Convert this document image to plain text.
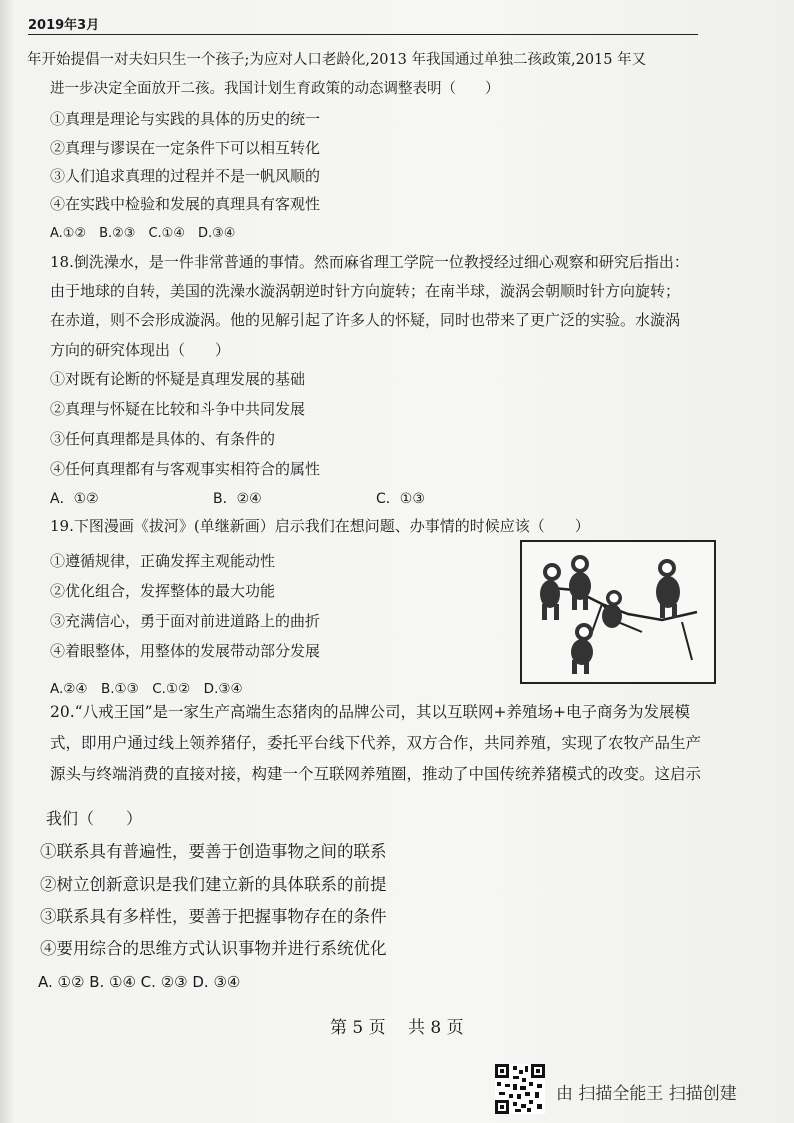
2019年3月
年开始提倡一对夫妇只生一个孩子;为应对人口老龄化,2013 年我国通过单独二孩政策,2015 年又
进一步决定全面放开二孩。我国计划生育政策的动态调整表明（　　）
①真理是理论与实践的具体的历史的统一
②真理与谬误在一定条件下可以相互转化
③人们追求真理的过程并不是一帆风顺的
④在实践中检验和发展的真理具有客观性
A.①②　B.②③　C.①④　D.③④
18.倒洗澡水，是一件非常普通的事情。然而麻省理工学院一位教授经过细心观察和研究后指出：
由于地球的自转，美国的洗澡水漩涡朝逆时针方向旋转；在南半球，漩涡会朝顺时针方向旋转；
在赤道，则不会形成漩涡。他的见解引起了许多人的怀疑，同时也带来了更广泛的实验。水漩涡
方向的研究体现出（　　）
①对既有论断的怀疑是真理发展的基础
②真理与怀疑在比较和斗争中共同发展
③任何真理都是具体的、有条件的
④任何真理都有与客观事实相符合的属性
A．①②	B．②④	C．①③
19.下图漫画《拔河》(单继新画）启示我们在想问题、办事情的时候应该（　　）
①遵循规律，正确发挥主观能动性
②优化组合，发挥整体的最大功能
③充满信心，勇于面对前进道路上的曲折
④着眼整体，用整体的发展带动部分发展
A.②④　B.①③　C.①②　D.③④
20.“八戒王国”是一家生产高端生态猪肉的品牌公司，其以互联网+养殖场+电子商务为发展模
式，即用户通过线上领养猪仔，委托平台线下代养，双方合作，共同养殖，实现了农牧产品生产
源头与终端消费的直接对接，构建一个互联网养殖圈，推动了中国传统养猪模式的改变。这启示
我们（　　）
①联系具有普遍性，要善于创造事物之间的联系
②树立创新意识是我们建立新的具体联系的前提
③联系具有多样性，要善于把握事物存在的条件
④要用综合的思维方式认识事物并进行系统优化
A. ①② B. ①④ C. ②③ D. ③④
第 5 页　 共 8 页
由 扫描全能王 扫描创建
